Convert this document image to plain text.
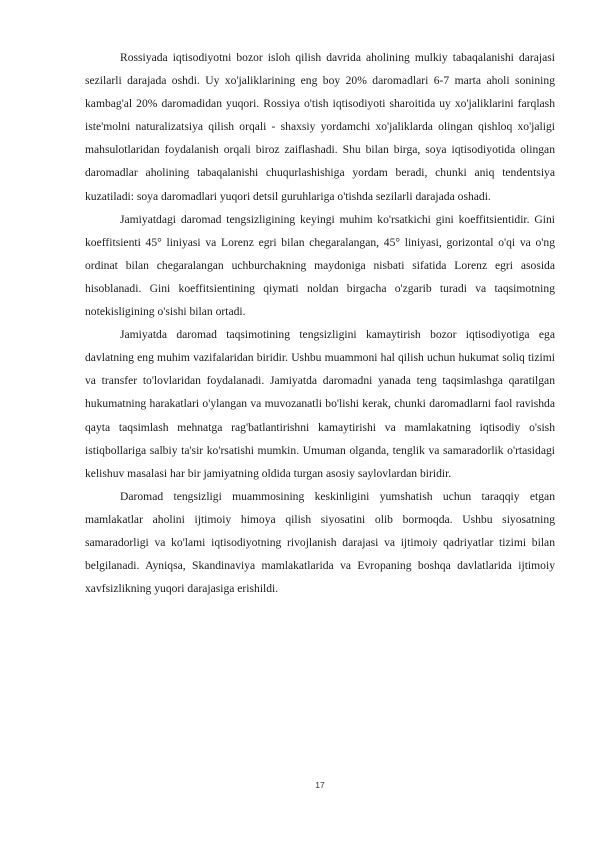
Rossiyada iqtisodiyotni bozor isloh qilish davrida aholining mulkiy tabaqalanishi darajasi sezilarli darajada oshdi. Uy xo'jaliklarining eng boy 20% daromadlari 6-7 marta aholi sonining kambag'al 20% daromadidan yuqori. Rossiya o'tish iqtisodiyoti sharoitida uy xo'jaliklarini farqlash iste'molni naturalizatsiya qilish orqali - shaxsiy yordamchi xo'jaliklarda olingan qishloq xo'jaligi mahsulotlaridan foydalanish orqali biroz zaiflashadi. Shu bilan birga, soya iqtisodiyotida olingan daromadlar aholining tabaqalanishi chuqurlashishiga yordam beradi, chunki aniq tendentsiya kuzatiladi: soya daromadlari yuqori detsil guruhlariga o'tishda sezilarli darajada oshadi.

Jamiyatdagi daromad tengsizligining keyingi muhim ko'rsatkichi gini koeffitsientidir. Gini koeffitsienti 45° liniyasi va Lorenz egri bilan chegaralangan, 45° liniyasi, gorizontal o'qi va o'ng ordinat bilan chegaralangan uchburchakning maydoniga nisbati sifatida Lorenz egri asosida hisoblanadi. Gini koeffitsientining qiymati noldan birgacha o'zgarib turadi va taqsimotning notekisligining o'sishi bilan ortadi.

Jamiyatda daromad taqsimotining tengsizligini kamaytirish bozor iqtisodiyotiga ega davlatning eng muhim vazifalaridan biridir. Ushbu muammoni hal qilish uchun hukumat soliq tizimi va transfer to'lovlaridan foydalanadi. Jamiyatda daromadni yanada teng taqsimlashga qaratilgan hukumatning harakatlari o'ylangan va muvozanatli bo'lishi kerak, chunki daromadlarni faol ravishda qayta taqsimlash mehnatga rag'batlantirishni kamaytirishi va mamlakatning iqtisodiy o'sish istiqbollariga salbiy ta'sir ko'rsatishi mumkin. Umuman olganda, tenglik va samaradorlik o'rtasidagi kelishuv masalasi har bir jamiyatning oldida turgan asosiy saylovlardan biridir.

Daromad tengsizligi muammosining keskinligini yumshatish uchun taraqqiy etgan mamlakatlar aholini ijtimoiy himoya qilish siyosatini olib bormoqda. Ushbu siyosatning samaradorligi va ko'lami iqtisodiyotning rivojlanish darajasi va ijtimoiy qadriyatlar tizimi bilan belgilanadi. Ayniqsa, Skandinaviya mamlakatlarida va Evropaning boshqa davlatlarida ijtimoiy xavfsizlikning yuqori darajasiga erishildi.

17
